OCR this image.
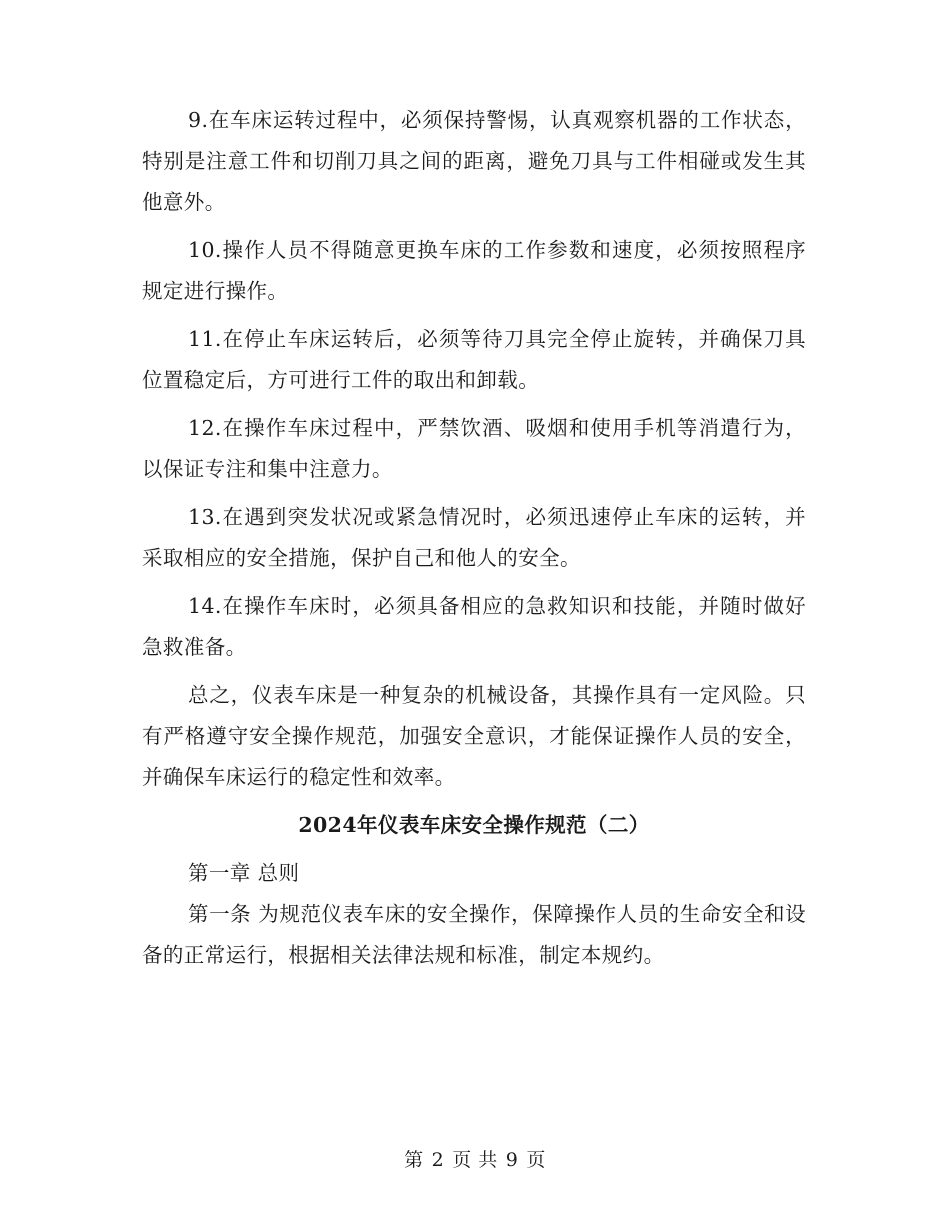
9.在车床运转过程中，必须保持警惕，认真观察机器的工作状态，特别是注意工件和切削刀具之间的距离，避免刀具与工件相碰或发生其他意外。

10.操作人员不得随意更换车床的工作参数和速度，必须按照程序规定进行操作。

11.在停止车床运转后，必须等待刀具完全停止旋转，并确保刀具位置稳定后，方可进行工件的取出和卸载。

12.在操作车床过程中，严禁饮酒、吸烟和使用手机等消遣行为，以保证专注和集中注意力。

13.在遇到突发状况或紧急情况时，必须迅速停止车床的运转，并采取相应的安全措施，保护自己和他人的安全。

14.在操作车床时，必须具备相应的急救知识和技能，并随时做好急救准备。

总之，仪表车床是一种复杂的机械设备，其操作具有一定风险。只有严格遵守安全操作规范，加强安全意识，才能保证操作人员的安全，并确保车床运行的稳定性和效率。

2024年仪表车床安全操作规范（二）

第一章 总则

第一条 为规范仪表车床的安全操作，保障操作人员的生命安全和设备的正常运行，根据相关法律法规和标准，制定本规约。

第 2 页 共 9 页
